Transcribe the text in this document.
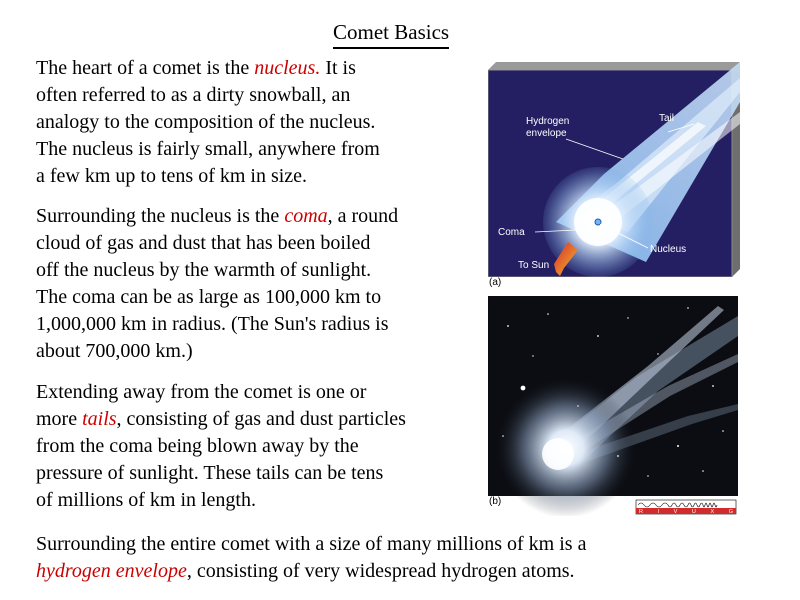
Comet Basics

The heart of a comet is the nucleus. It is
often referred to as a dirty snowball, an
analogy to the composition of the nucleus.
The nucleus is fairly small, anywhere from
a few km up to tens of km in size.

Surrounding the nucleus is the coma, a round
cloud of gas and dust that has been boiled
off the nucleus by the warmth of sunlight.
The coma can be as large as 100,000 km to
1,000,000 km in radius. (The Sun's radius is
about 700,000 km.)

Extending away from the comet is one or
more tails, consisting of gas and dust particles
from the coma being blown away by the
pressure of sunlight. These tails can be tens
of millions of km in length.

Surrounding the entire comet with a size of many millions of km is a
hydrogen envelope, consisting of very widespread hydrogen atoms.

Hydrogen
envelope
Tail
Coma
Nucleus
To Sun
(a)
R I V U X G
(b)
